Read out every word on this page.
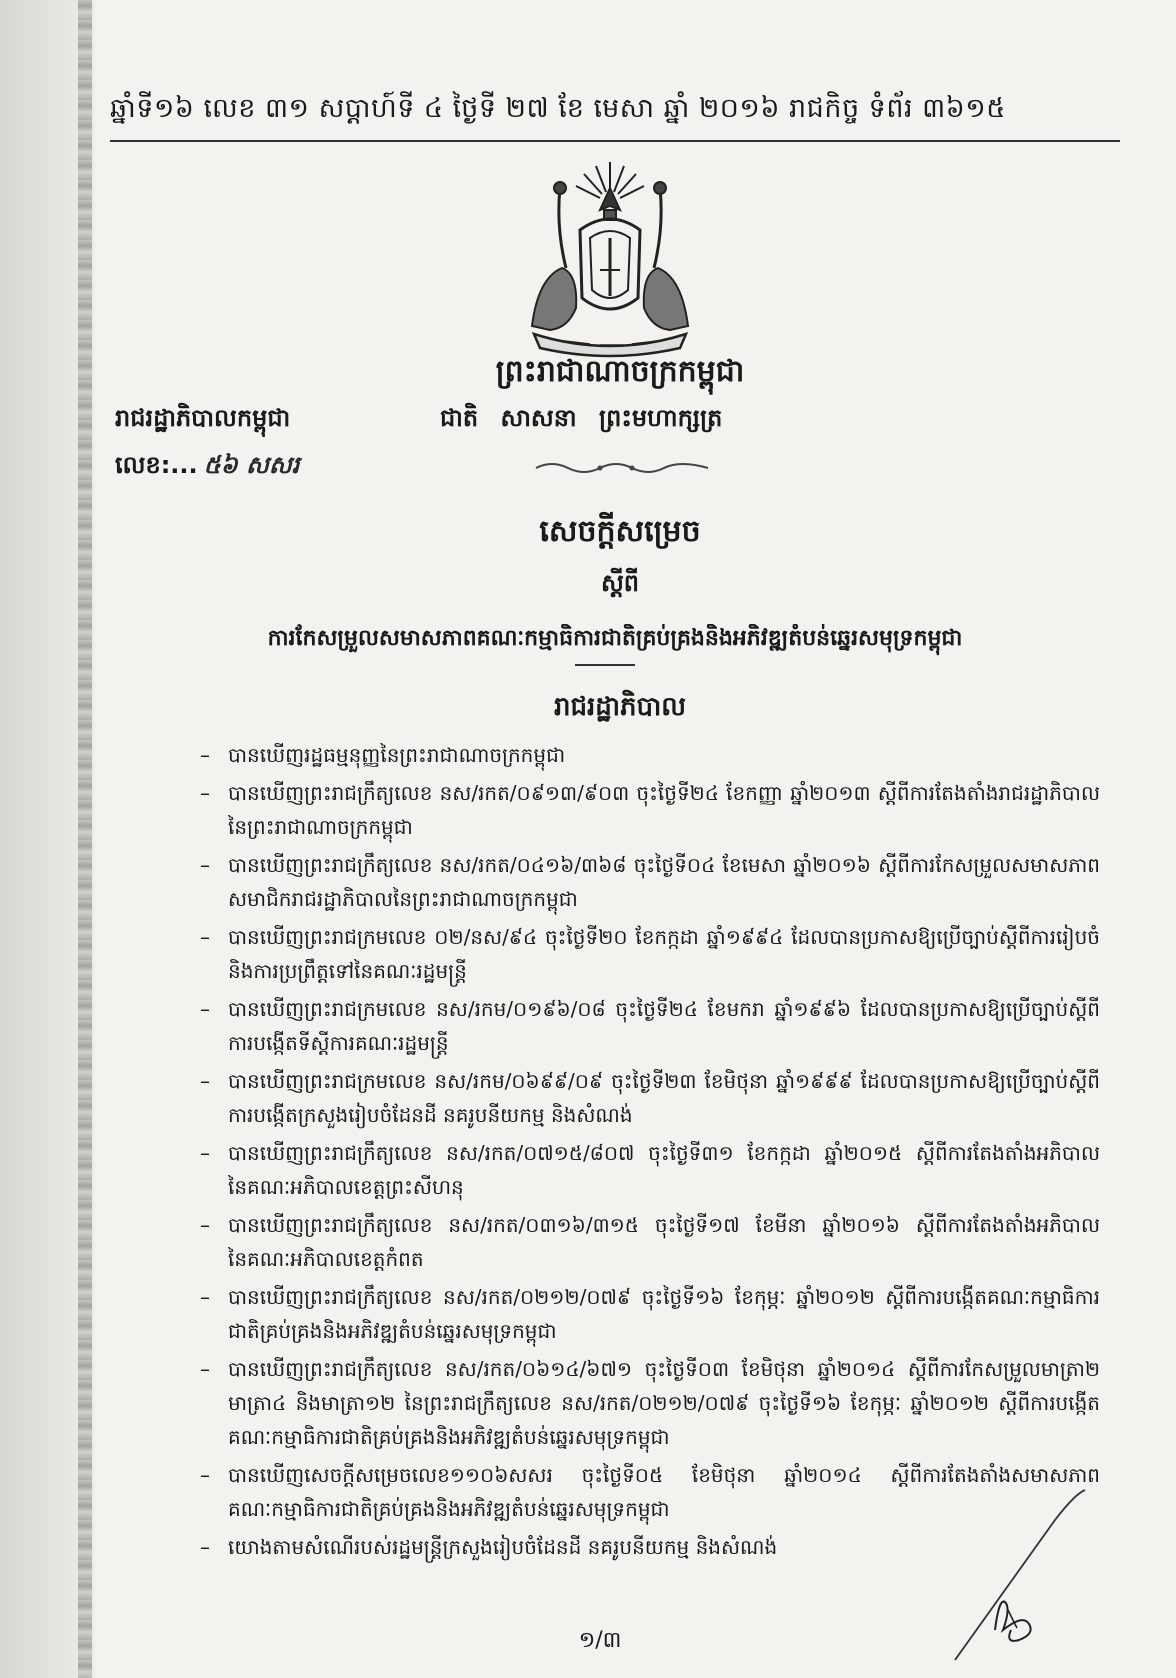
ឆ្នាំទី១៦ លេខ ៣១ សប្តាហ៍ទី ៤ ថ្ងៃទី ២៧ ខែ មេសា ឆ្នាំ ២០១៦ រាជកិច្ច ទំព័រ ៣៦១៥
ព្រះរាជាណាចក្រកម្ពុជា
រាជរដ្ឋាភិបាលកម្ពុជា	ជាតិ សាសនា ព្រះមហាក្សត្រ
លេខ:... ៥៦ សសរ
សេចក្តីសម្រេច
ស្តីពី
ការកែសម្រួលសមាសភាពគណៈកម្មាធិការជាតិគ្រប់គ្រងនិងអភិវឌ្ឍតំបន់ឆ្នេរសមុទ្រកម្ពុជា
រាជរដ្ឋាភិបាល
– បានឃើញរដ្ឋធម្មនុញ្ញនៃព្រះរាជាណាចក្រកម្ពុជា
– បានឃើញព្រះរាជក្រឹត្យលេខ នស/រកត/០៩១៣/៩០៣ ចុះថ្ងៃទី២៤ ខែកញ្ញា ឆ្នាំ២០១៣ ស្តីពីការតែងតាំងរាជរដ្ឋាភិបាលនៃព្រះរាជាណាចក្រកម្ពុជា
– បានឃើញព្រះរាជក្រឹត្យលេខ នស/រកត/០៤១៦/៣៦៨ ចុះថ្ងៃទី០៤ ខែមេសា ឆ្នាំ២០១៦ ស្តីពីការកែសម្រួលសមាសភាពសមាជិករាជរដ្ឋាភិបាលនៃព្រះរាជាណាចក្រកម្ពុជា
– បានឃើញព្រះរាជក្រមលេខ ០២/នស/៩៤ ចុះថ្ងៃទី២០ ខែកក្កដា ឆ្នាំ១៩៩៤ ដែលបានប្រកាសឱ្យប្រើច្បាប់ស្តីពីការរៀបចំ និងការប្រព្រឹត្តទៅនៃគណៈរដ្ឋមន្ត្រី
– បានឃើញព្រះរាជក្រមលេខ នស/រកម/០១៩៦/០៨ ចុះថ្ងៃទី២៤ ខែមករា ឆ្នាំ១៩៩៦ ដែលបានប្រកាសឱ្យប្រើច្បាប់ស្តីពីការបង្កើតទីស្តីការគណៈរដ្ឋមន្ត្រី
– បានឃើញព្រះរាជក្រមលេខ នស/រកម/០៦៩៩/០៩ ចុះថ្ងៃទី២៣ ខែមិថុនា ឆ្នាំ១៩៩៩ ដែលបានប្រកាសឱ្យប្រើច្បាប់ស្តីពីការបង្កើតក្រសួងរៀបចំដែនដី នគរូបនីយកម្ម និងសំណង់
– បានឃើញព្រះរាជក្រឹត្យលេខ នស/រកត/០៧១៥/៨០៧ ចុះថ្ងៃទី៣១ ខែកក្កដា ឆ្នាំ២០១៥ ស្តីពីការតែងតាំងអភិបាលនៃគណៈអភិបាលខេត្តព្រះសីហនុ
– បានឃើញព្រះរាជក្រឹត្យលេខ នស/រកត/០៣១៦/៣១៥ ចុះថ្ងៃទី១៧ ខែមីនា ឆ្នាំ២០១៦ ស្តីពីការតែងតាំងអភិបាលនៃគណៈអភិបាលខេត្តកំពត
– បានឃើញព្រះរាជក្រឹត្យលេខ នស/រកត/០២១២/០៧៩ ចុះថ្ងៃទី១៦ ខែកុម្ភៈ ឆ្នាំ២០១២ ស្តីពីការបង្កើតគណៈកម្មាធិការជាតិគ្រប់គ្រងនិងអភិវឌ្ឍតំបន់ឆ្នេរសមុទ្រកម្ពុជា
– បានឃើញព្រះរាជក្រឹត្យលេខ នស/រកត/០៦១៤/៦៧១ ចុះថ្ងៃទី០៣ ខែមិថុនា ឆ្នាំ២០១៤ ស្តីពីការកែសម្រួលមាត្រា២ មាត្រា៤ និងមាត្រា១២ នៃព្រះរាជក្រឹត្យលេខ នស/រកត/០២១២/០៧៩ ចុះថ្ងៃទី១៦ ខែកុម្ភៈ ឆ្នាំ២០១២ ស្តីពីការបង្កើតគណៈកម្មាធិការជាតិគ្រប់គ្រងនិងអភិវឌ្ឍតំបន់ឆ្នេរសមុទ្រកម្ពុជា
– បានឃើញសេចក្តីសម្រេចលេខ១១០៦សសរ ចុះថ្ងៃទី០៥ ខែមិថុនា ឆ្នាំ២០១៤ ស្តីពីការតែងតាំងសមាសភាពគណៈកម្មាធិការជាតិគ្រប់គ្រងនិងអភិវឌ្ឍតំបន់ឆ្នេរសមុទ្រកម្ពុជា
– យោងតាមសំណើរបស់រដ្ឋមន្ត្រីក្រសួងរៀបចំដែនដី នគរូបនីយកម្ម និងសំណង់
១/៣
